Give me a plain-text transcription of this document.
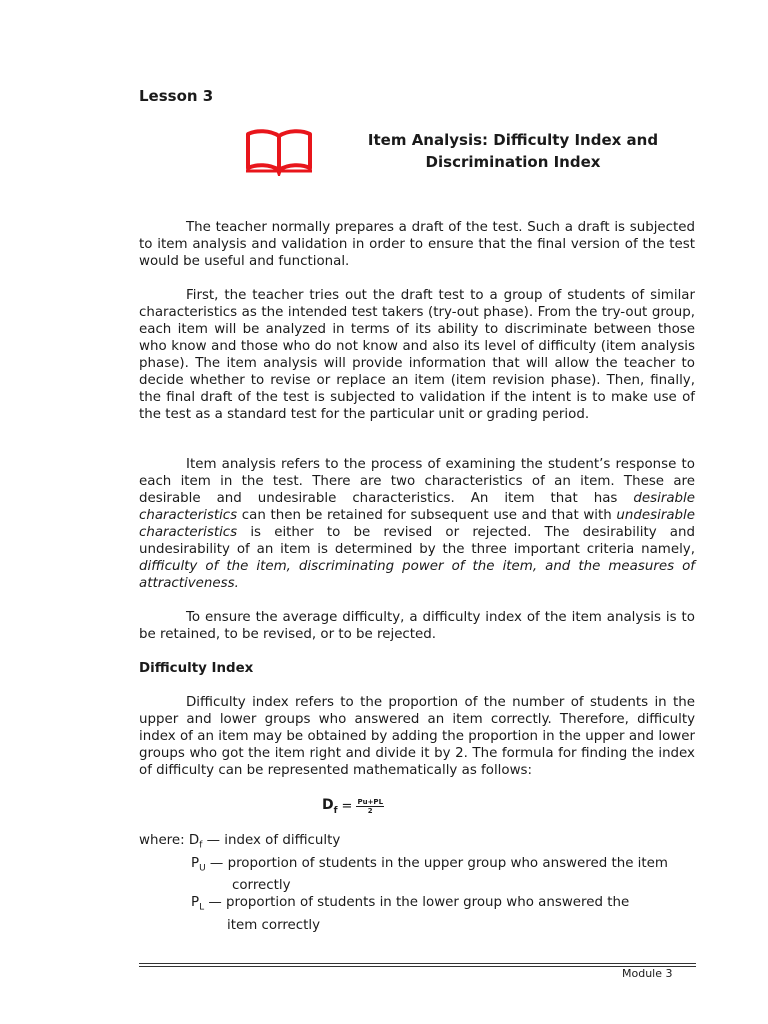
Lesson 3
Item Analysis: Difficulty Index and
Discrimination Index

The teacher normally prepares a draft of the test. Such a draft is subjected to item analysis and validation in order to ensure that the final version of the test would be useful and functional.

First, the teacher tries out the draft test to a group of students of similar characteristics as the intended test takers (try-out phase). From the try-out group, each item will be analyzed in terms of its ability to discriminate between those who know and those who do not know and also its level of difficulty (item analysis phase). The item analysis will provide information that will allow the teacher to decide whether to revise or replace an item (item revision phase). Then, finally, the final draft of the test is subjected to validation if the intent is to make use of the test as a standard test for the particular unit or grading period.

Item analysis refers to the process of examining the student’s response to each item in the test. There are two characteristics of an item. These are desirable and undesirable characteristics. An item that has desirable characteristics can then be retained for subsequent use and that with undesirable characteristics is either to be revised or rejected. The desirability and undesirability of an item is determined by the three important criteria namely, difficulty of the item, discriminating power of the item, and the measures of attractiveness.

To ensure the average difficulty, a difficulty index of the item analysis is to be retained, to be revised, or to be rejected.

Difficulty Index

Difficulty index refers to the proportion of the number of students in the upper and lower groups who answered an item correctly. Therefore, difficulty index of an item may be obtained by adding the proportion in the upper and lower groups who got the item right and divide it by 2. The formula for finding the index of difficulty can be represented mathematically as follows:

$D_f = \frac{Pu+PL}{2}$
where: $D_f$ — index of difficulty
$P_U$ — proportion of students in the upper group who answered the item
correctly
$P_L$ — proportion of students in the lower group who answered the
item correctly
Module 3
